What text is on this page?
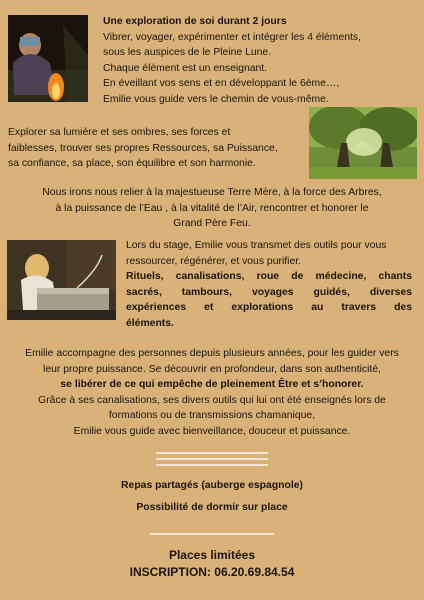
Une exploration de soi durant 2 jours
Vibrer, voyager, expérimenter et intégrer les 4 éléments,
sous les auspices de le Pleine Lune.
Chaque élément est un enseignant.
En éveillant vos sens et en développant le 6ème…,
Emilie vous guide vers le chemin de vous-même.
Explorer sa lumière et ses ombres, ses forces et
faiblesses, trouver ses propres Ressources, sa Puissance,
sa confiance, sa place, son équilibre et son harmonie.
Nous irons nous relier à la majestueuse Terre Mère, à la force des Arbres,
à la puissance de l’Eau , à la vitalité de l’Air, rencontrer et honorer le
Grand Père Feu.
Lors du stage, Emilie vous transmet des outils pour vous
ressourcer, régénérer, et vous purifier.
Rituels, canalisations, roue de médecine, chants
sacrés, tambours, voyages guidés, diverses
expériences et explorations au travers des
éléments.
Emilie accompagne des personnes depuis plusieurs années, pour les guider vers
leur propre puissance. Se découvrir en profondeur, dans son authenticité,
se libérer de ce qui empêche de pleinement Être et s’honorer.
Grâce à ses canalisations, ses divers outils qui lui ont été enseignés lors de
formations ou de transmissions chamanique,
Emilie vous guide avec bienveillance, douceur et puissance.
Repas partagés (auberge espagnole)
Possibilité de dormir sur place
Places limitées
INSCRIPTION: 06.20.69.84.54
